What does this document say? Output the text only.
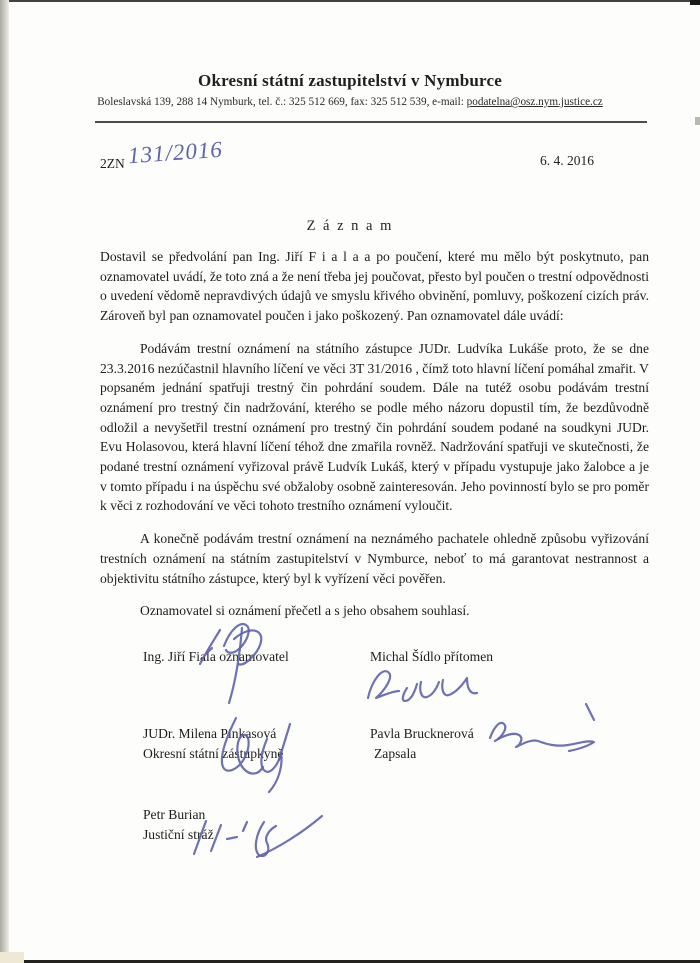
Okresní státní zastupitelství v Nymburce
Boleslavská 139, 288 14 Nymburk, tel. č.: 325 512 669, fax: 325 512 539, e-mail: podatelna@osz.nym.justice.cz
2ZN 131/2016	6. 4. 2016
Z á z n a m

Dostavil se předvolání pan Ing. Jiří F i a l a a po poučení, které mu mělo být poskytnuto, pan oznamovatel uvádí, že toto zná a že není třeba jej poučovat, přesto byl poučen o trestní odpovědnosti o uvedení vědomě nepravdivých údajů ve smyslu křivého obvinění, pomluvy, poškození cizích práv. Zároveň byl pan oznamovatel poučen i jako poškozený. Pan oznamovatel dále uvádí:

Podávám trestní oznámení na státního zástupce JUDr. Ludvíka Lukáše proto, že se dne 23.3.2016 nezúčastnil hlavního líčení ve věci 3T 31/2016 , čímž toto hlavní líčení pomáhal zmařit. V popsaném jednání spatřuji trestný čin pohrdání soudem. Dále na tutéž osobu podávám trestní oznámení pro trestný čin nadržování, kterého se podle mého názoru dopustil tím, že bezdůvodně odložil a nevyšetřil trestní oznámení pro trestný čin pohrdání soudem podané na soudkyni JUDr. Evu Holasovou, která hlavní líčení téhož dne zmařila rovněž. Nadržování spatřuji ve skutečnosti, že podané trestní oznámení vyřizoval právě Ludvík Lukáš, který v případu vystupuje jako žalobce a je v tomto případu i na úspěchu své obžaloby osobně zainteresován. Jeho povinností bylo se pro poměr k věci z rozhodování ve věci tohoto trestního oznámení vyloučit.

A konečně podávám trestní oznámení na neznámého pachatele ohledně způsobu vyřizování trestních oznámení na státním zastupitelství v Nymburce, neboť to má garantovat nestrannost a objektivitu státního zástupce, který byl k vyřízení věci pověřen.

Oznamovatel si oznámení přečetl a s jeho obsahem souhlasí.

Ing. Jiří Fiala oznamovatel	Michal Šídlo přítomen
JUDr. Milena Pinkasová
Okresní státní zástupkyně
Pavla Brucknerová
Zapsala
Petr Burian
Justiční stráž
